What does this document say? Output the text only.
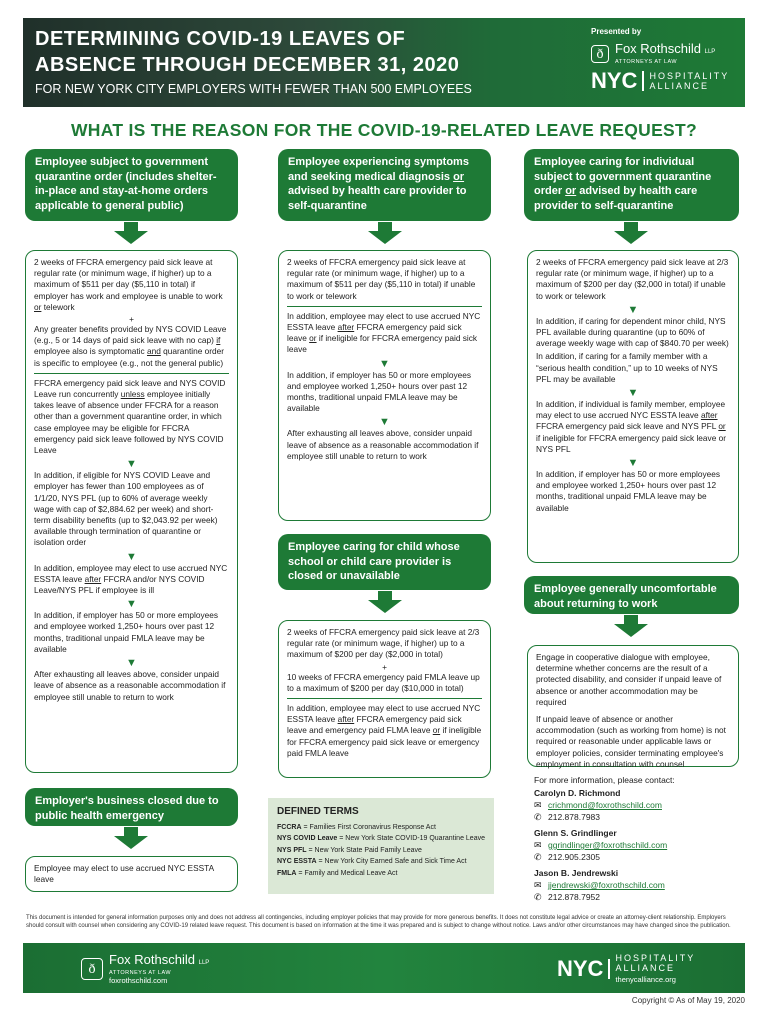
DETERMINING COVID-19 LEAVES OF
ABSENCE THROUGH DECEMBER 31, 2020
FOR NEW YORK CITY EMPLOYERS WITH FEWER THAN 500 EMPLOYEES
Presented by
ð Fox Rothschild LLP
ATTORNEYS AT LAW
NYC	HOSPITALITY
ALLIANCE
WHAT IS THE REASON FOR THE COVID-19-RELATED LEAVE REQUEST?
Employee subject to government quarantine order (includes shelter-in-place and stay-at-home orders applicable to general public)
2 weeks of FFCRA emergency paid sick leave at regular rate (or minimum wage, if higher) up to a maximum of $511 per day ($5,110 in total) if employer has work and employee is unable to work or telework
+
Any greater benefits provided by NYS COVID Leave (e.g., 5 or 14 days of paid sick leave with no cap) if employee also is symptomatic and quarantine order is specific to employee (e.g., not the general public)
FFCRA emergency paid sick leave and NYS COVID Leave run concurrently unless employee initially takes leave of absence under FFCRA for a reason other than a government quarantine order, in which case employee may be eligible for FFCRA emergency paid sick leave followed by NYS COVID Leave
▼
In addition, if eligible for NYS COVID Leave and employer has fewer than 100 employees as of 1/1/20, NYS PFL (up to 60% of average weekly wage with cap of $2,884.62 per week) and short-term disability benefits (up to $2,043.92 per week) available through termination of quarantine or isolation order
▼
In addition, employee may elect to use accrued NYC ESSTA leave after FFCRA and/or NYS COVID Leave/NYS PFL if employee is ill
▼
In addition, if employer has 50 or more employees and employee worked 1,250+ hours over past 12 months, traditional unpaid FMLA leave may be available
▼
After exhausting all leaves above, consider unpaid leave of absence as a reasonable accommodation if employee still unable to return to work
Employer's business closed due to public health emergency
Employee may elect to use accrued NYC ESSTA leave
Employee experiencing symptoms and seeking medical diagnosis or advised by health care provider to self-quarantine
2 weeks of FFCRA emergency paid sick leave at regular rate (or minimum wage, if higher) up to a maximum of $511 per day ($5,110 in total) if unable to work or telework
In addition, employee may elect to use accrued NYC ESSTA leave after FFCRA emergency paid sick leave or if ineligible for FFCRA emergency paid sick leave
▼
In addition, if employer has 50 or more employees and employee worked 1,250+ hours over past 12 months, traditional unpaid FMLA leave may be available
▼
After exhausting all leaves above, consider unpaid leave of absence as a reasonable accommodation if employee still unable to return to work
Employee caring for child whose school or child care provider is closed or unavailable
2 weeks of FFCRA emergency paid sick leave at 2/3 regular rate (or minimum wage, if higher) up to a maximum of $200 per day ($2,000 in total)
+
10 weeks of FFCRA emergency paid FMLA leave up to a maximum of $200 per day ($10,000 in total)
In addition, employee may elect to use accrued NYC ESSTA leave after FFCRA emergency paid sick leave and emergency paid FLMA leave or if ineligible for FFCRA emergency paid sick leave or emergency paid FMLA leave
Employee caring for individual subject to government quarantine order or advised by health care provider to self-quarantine
2 weeks of FFCRA emergency paid sick leave at 2/3 regular rate (or minimum wage, if higher) up to a maximum of $200 per day ($2,000 in total) if unable to work or telework
▼
In addition, if caring for dependent minor child, NYS PFL available during quarantine (up to 60% of average weekly wage with cap of $840.70 per week)
In addition, if caring for a family member with a “serious health condition,” up to 10 weeks of NYS PFL may be available
▼
In addition, if individual is family member, employee may elect to use accrued NYC ESSTA leave after FFCRA emergency paid sick leave and NYS PFL or if ineligible for FFCRA emergency paid sick leave or NYS PFL
▼
In addition, if employer has 50 or more employees and employee worked 1,250+ hours over past 12 months, traditional unpaid FMLA leave may be available
Employee generally uncomfortable about returning to work
Engage in cooperative dialogue with employee, determine whether concerns are the result of a protected disability, and consider if unpaid leave of absence or another accommodation may be required
If unpaid leave of absence or another accommodation (such as working from home) is not required or reasonable under applicable laws or employer policies, consider terminating employee's employment in consultation with counsel
DEFINED TERMS
FCCRA = Families First Coronavirus Response Act
NYS COVID Leave = New York State COVID-19 Quarantine Leave
NYS PFL = New York State Paid Family Leave
NYC ESSTA = New York City Earned Safe and Sick Time Act
FMLA = Family and Medical Leave Act
For more information, please contact:
Carolyn D. Richmond
✉ crichmond@foxrothschild.com
✆ 212.878.7983
Glenn S. Grindlinger
✉ ggrindlinger@foxrothschild.com
✆ 212.905.2305
Jason B. Jendrewski
✉ jjendrewski@foxrothschild.com
✆ 212.878.7952
This document is intended for general information purposes only and does not address all contingencies, including employer policies that may provide for more generous benefits. It does not constitute legal advice or create an attorney-client relationship. Employers should consult with counsel when considering any COVID-19 related leave request. This document is based on information at the time it was prepared and is subject to change without notice. Laws and/or other circumstances may have changed since the publication.
ð
Fox Rothschild LLP
ATTORNEYS AT LAW
foxrothschild.com	NYC	HOSPITALITY
ALLIANCE
thenycalliance.org
Copyright © As of May 19, 2020
